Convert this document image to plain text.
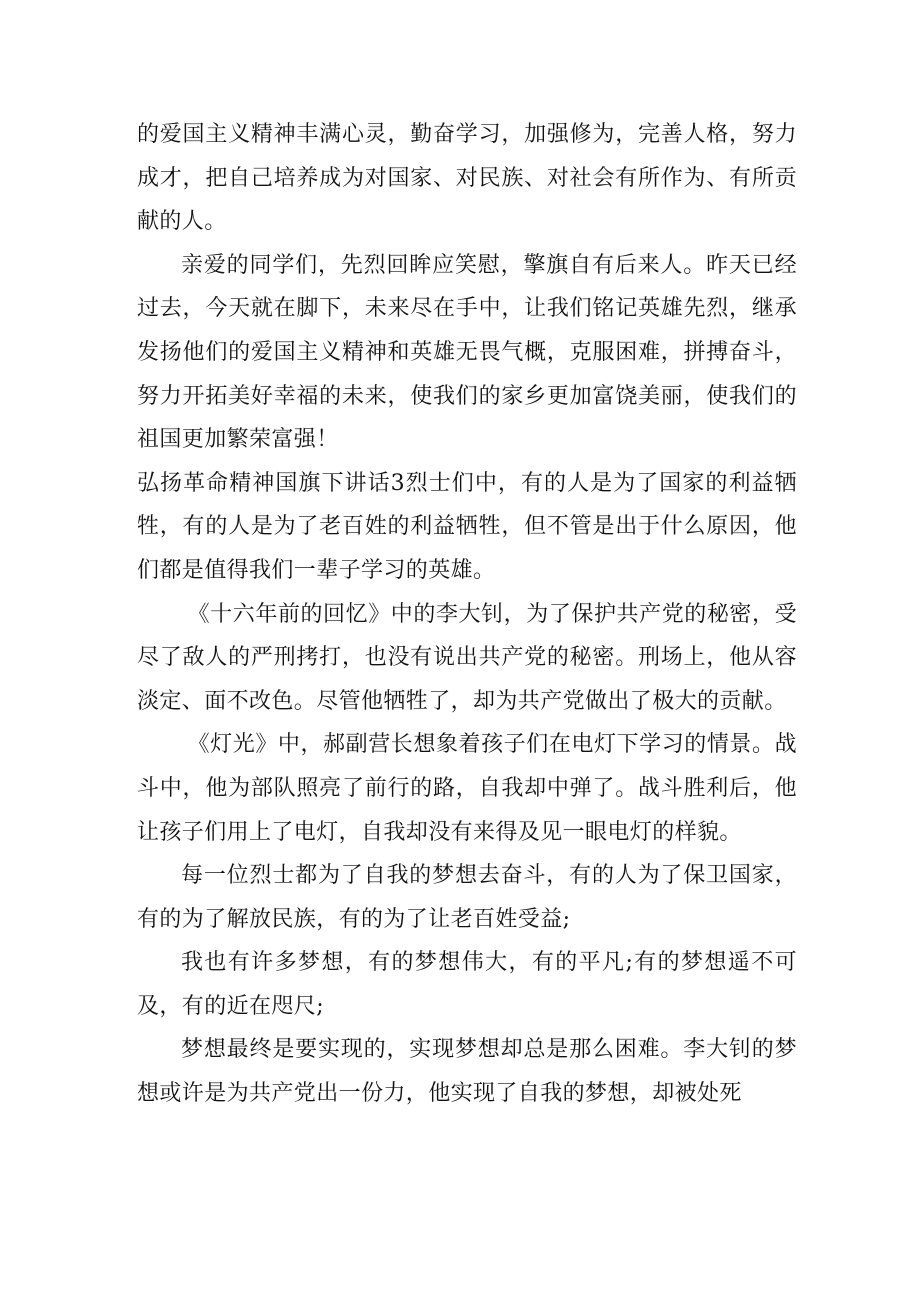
的爱国主义精神丰满心灵，勤奋学习，加强修为，完善人格，努力成才，把自己培养成为对国家、对民族、对社会有所作为、有所贡献的人。

亲爱的同学们，先烈回眸应笑慰，擎旗自有后来人。昨天已经过去，今天就在脚下，未来尽在手中，让我们铭记英雄先烈，继承发扬他们的爱国主义精神和英雄无畏气概，克服困难，拼搏奋斗，努力开拓美好幸福的未来，使我们的家乡更加富饶美丽，使我们的祖国更加繁荣富强！

弘扬革命精神国旗下讲话3烈士们中，有的人是为了国家的利益牺牲，有的人是为了老百姓的利益牺牲，但不管是出于什么原因，他们都是值得我们一辈子学习的英雄。

《十六年前的回忆》中的李大钊，为了保护共产党的秘密，受尽了敌人的严刑拷打，也没有说出共产党的秘密。刑场上，他从容淡定、面不改色。尽管他牺牲了，却为共产党做出了极大的贡献。

《灯光》中，郝副营长想象着孩子们在电灯下学习的情景。战斗中，他为部队照亮了前行的路，自我却中弹了。战斗胜利后，他让孩子们用上了电灯，自我却没有来得及见一眼电灯的样貌。

每一位烈士都为了自我的梦想去奋斗，有的人为了保卫国家，有的为了解放民族，有的为了让老百姓受益;

我也有许多梦想，有的梦想伟大，有的平凡;有的梦想遥不可及，有的近在咫尺;

梦想最终是要实现的，实现梦想却总是那么困难。李大钊的梦想或许是为共产党出一份力，他实现了自我的梦想，却被处死
